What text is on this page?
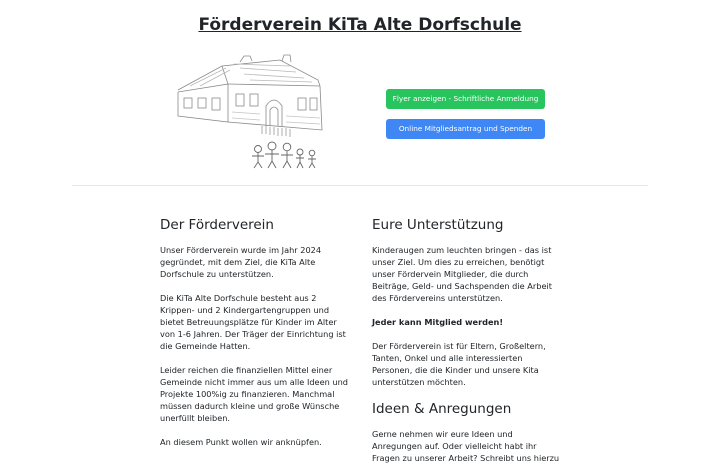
Förderverein KiTa Alte Dorfschule
Flyer anzeigen - Schriftliche Anmeldung
Online Mitgliedsantrag und Spenden
Der Förderverein

Unser Förderverein wurde im Jahr 2024 gegründet, mit dem Ziel, die KiTa Alte Dorfschule zu unterstützen.

Die KiTa Alte Dorfschule besteht aus 2 Krippen- und 2 Kindergartengruppen und bietet Betreuungsplätze für Kinder im Alter von 1-6 Jahren. Der Träger der Einrichtung ist die Gemeinde Hatten.

Leider reichen die finanziellen Mittel einer Gemeinde nicht immer aus um alle Ideen und Projekte 100%ig zu finanzieren. Manchmal müssen dadurch kleine und große Wünsche unerfüllt bleiben.

An diesem Punkt wollen wir anknüpfen.

Eure Unterstützung

Kinderaugen zum leuchten bringen - das ist unser Ziel. Um dies zu erreichen, benötigt unser Fördervein Mitglieder, die durch Beiträge, Geld- und Sachspenden die Arbeit des Fördervereins unterstützen.

Jeder kann Mitglied werden!

Der Förderverein ist für Eltern, Großeltern, Tanten, Onkel und alle interessierten Personen, die die Kinder und unsere Kita unterstützen möchten.

Ideen & Anregungen

Gerne nehmen wir eure Ideen und Anregungen auf. Oder vielleicht habt ihr Fragen zu unserer Arbeit? Schreibt uns hierzu
